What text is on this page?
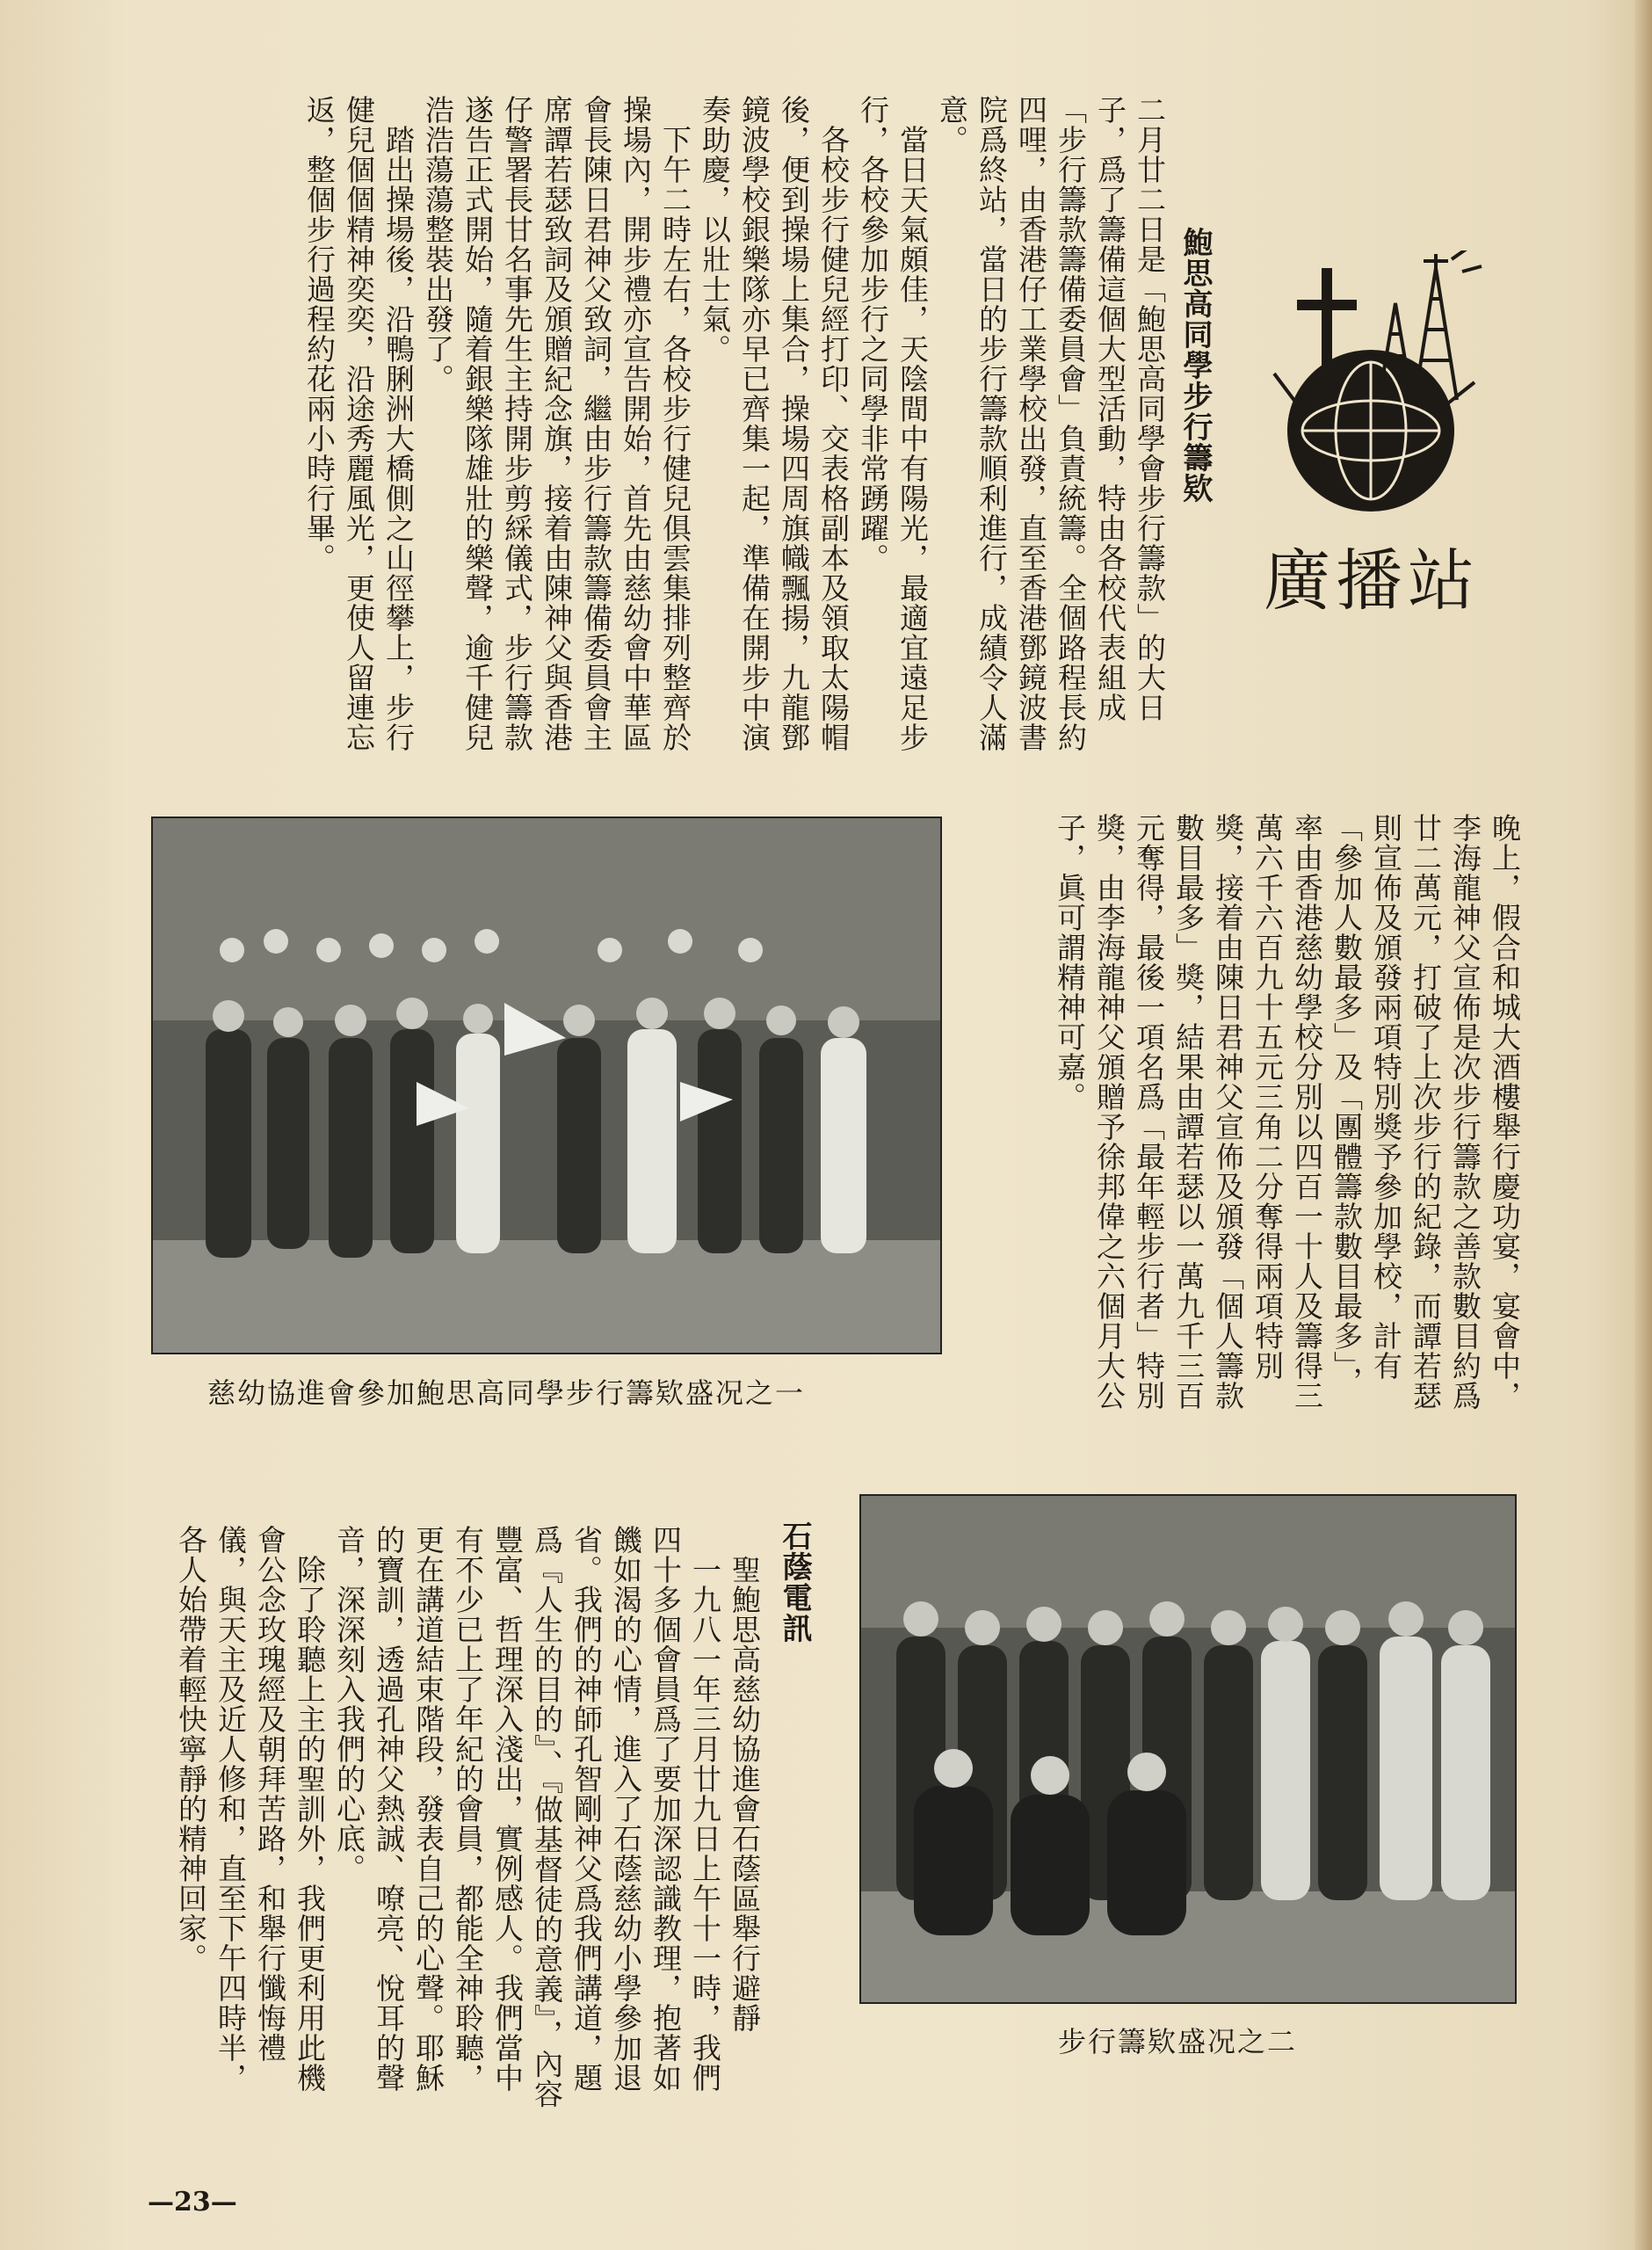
廣播站
鮑思高同學步行籌欵
二月廿二日是「鮑思高同學會步行籌款」的大日子，爲了籌備這個大型活動，特由各校代表組成「步行籌款籌備委員會」負責統籌。全個路程長約四哩，由香港仔工業學校出發，直至香港鄧鏡波書院爲終站，當日的步行籌款順利進行，成績令人滿意。
　當日天氣頗佳，天陰間中有陽光，最適宜遠足步行，各校參加步行之同學非常踴躍。
　各校步行健兒經打印、交表格副本及領取太陽帽後，便到操場上集合，操場四周旗幟飄揚，九龍鄧鏡波學校銀樂隊亦早已齊集一起，準備在開步中演奏助慶，以壯士氣。
　下午二時左右，各校步行健兒俱雲集排列整齊於操場內，開步禮亦宣告開始，首先由慈幼會中華區會長陳日君神父致詞，繼由步行籌款籌備委員會主席譚若瑟致詞及頒贈紀念旗，接着由陳神父與香港仔警署長甘名事先生主持開步剪綵儀式，步行籌款遂告正式開始，隨着銀樂隊雄壯的樂聲，逾千健兒浩浩蕩蕩整裝出發了。
　踏出操場後，沿鴨脷洲大橋側之山徑攀上，步行健兒個個精神奕奕，沿途秀麗風光，更使人留連忘返，整個步行過程約花兩小時行畢。
慈幼協進會參加鮑思高同學步行籌欵盛况之一	晚上，假合和城大酒樓舉行慶功宴，宴會中，李海龍神父宣佈是次步行籌款之善款數目約爲廿二萬元，打破了上次步行的紀錄，而譚若瑟則宣佈及頒發兩項特別獎予參加學校，計有「參加人數最多」及「團體籌款數目最多」，率由香港慈幼學校分別以四百一十人及籌得三萬六千六百九十五元三角二分奪得兩項特別獎，接着由陳日君神父宣佈及頒發「個人籌款數目最多」獎，結果由譚若瑟以一萬九千三百元奪得，最後一項名爲「最年輕步行者」特別獎，由李海龍神父頒贈予徐邦偉之六個月大公子，眞可謂精神可嘉。
石蔭電訊
　聖鮑思高慈幼協進會石蔭區舉行避靜
　一九八一年三月廿九日上午十一時，我們四十多個會員爲了要加深認識教理，抱著如饑如渴的心情，進入了石蔭慈幼小學參加退省。我們的神師孔智剛神父爲我們講道，題爲『人生的目的』、『做基督徒的意義』，內容豐富、哲理深入淺出，實例感人。我們當中有不少已上了年紀的會員，都能全神聆聽，更在講道結束階段，發表自己的心聲。耶穌的寶訓，透過孔神父熱誠、嘹亮、悅耳的聲音，深深刻入我們的心底。
　除了聆聽上主的聖訓外，我們更利用此機會公念玫瑰經及朝拜苦路，和舉行懺悔禮儀，與天主及近人修和，直至下午四時半，各人始帶着輕快寧靜的精神回家。
步行籌欵盛况之二
—23—
